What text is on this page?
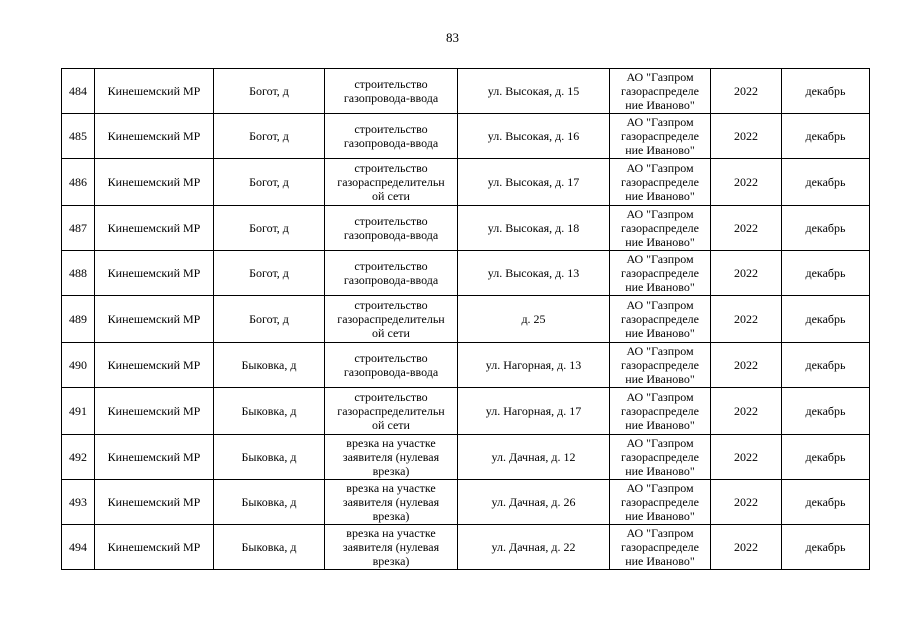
83
484	Кинешемский МР	Богот, д	строительство
газопровода-ввода	ул. Высокая, д. 15	АО "Газпром
газораспределе
ние Иваново"	2022	декабрь
485	Кинешемский МР	Богот, д	строительство
газопровода-ввода	ул. Высокая, д. 16	АО "Газпром
газораспределе
ние Иваново"	2022	декабрь
486	Кинешемский МР	Богот, д	строительство
газораспределительн
ой сети	ул. Высокая, д. 17	АО "Газпром
газораспределе
ние Иваново"	2022	декабрь
487	Кинешемский МР	Богот, д	строительство
газопровода-ввода	ул. Высокая, д. 18	АО "Газпром
газораспределе
ние Иваново"	2022	декабрь
488	Кинешемский МР	Богот, д	строительство
газопровода-ввода	ул. Высокая, д. 13	АО "Газпром
газораспределе
ние Иваново"	2022	декабрь
489	Кинешемский МР	Богот, д	строительство
газораспределительн
ой сети	д. 25	АО "Газпром
газораспределе
ние Иваново"	2022	декабрь
490	Кинешемский МР	Быковка, д	строительство
газопровода-ввода	ул. Нагорная, д. 13	АО "Газпром
газораспределе
ние Иваново"	2022	декабрь
491	Кинешемский МР	Быковка, д	строительство
газораспределительн
ой сети	ул. Нагорная, д. 17	АО "Газпром
газораспределе
ние Иваново"	2022	декабрь
492	Кинешемский МР	Быковка, д	врезка на участке
заявителя (нулевая
врезка)	ул. Дачная, д. 12	АО "Газпром
газораспределе
ние Иваново"	2022	декабрь
493	Кинешемский МР	Быковка, д	врезка на участке
заявителя (нулевая
врезка)	ул. Дачная, д. 26	АО "Газпром
газораспределе
ние Иваново"	2022	декабрь
494	Кинешемский МР	Быковка, д	врезка на участке
заявителя (нулевая
врезка)	ул. Дачная, д. 22	АО "Газпром
газораспределе
ние Иваново"	2022	декабрь
